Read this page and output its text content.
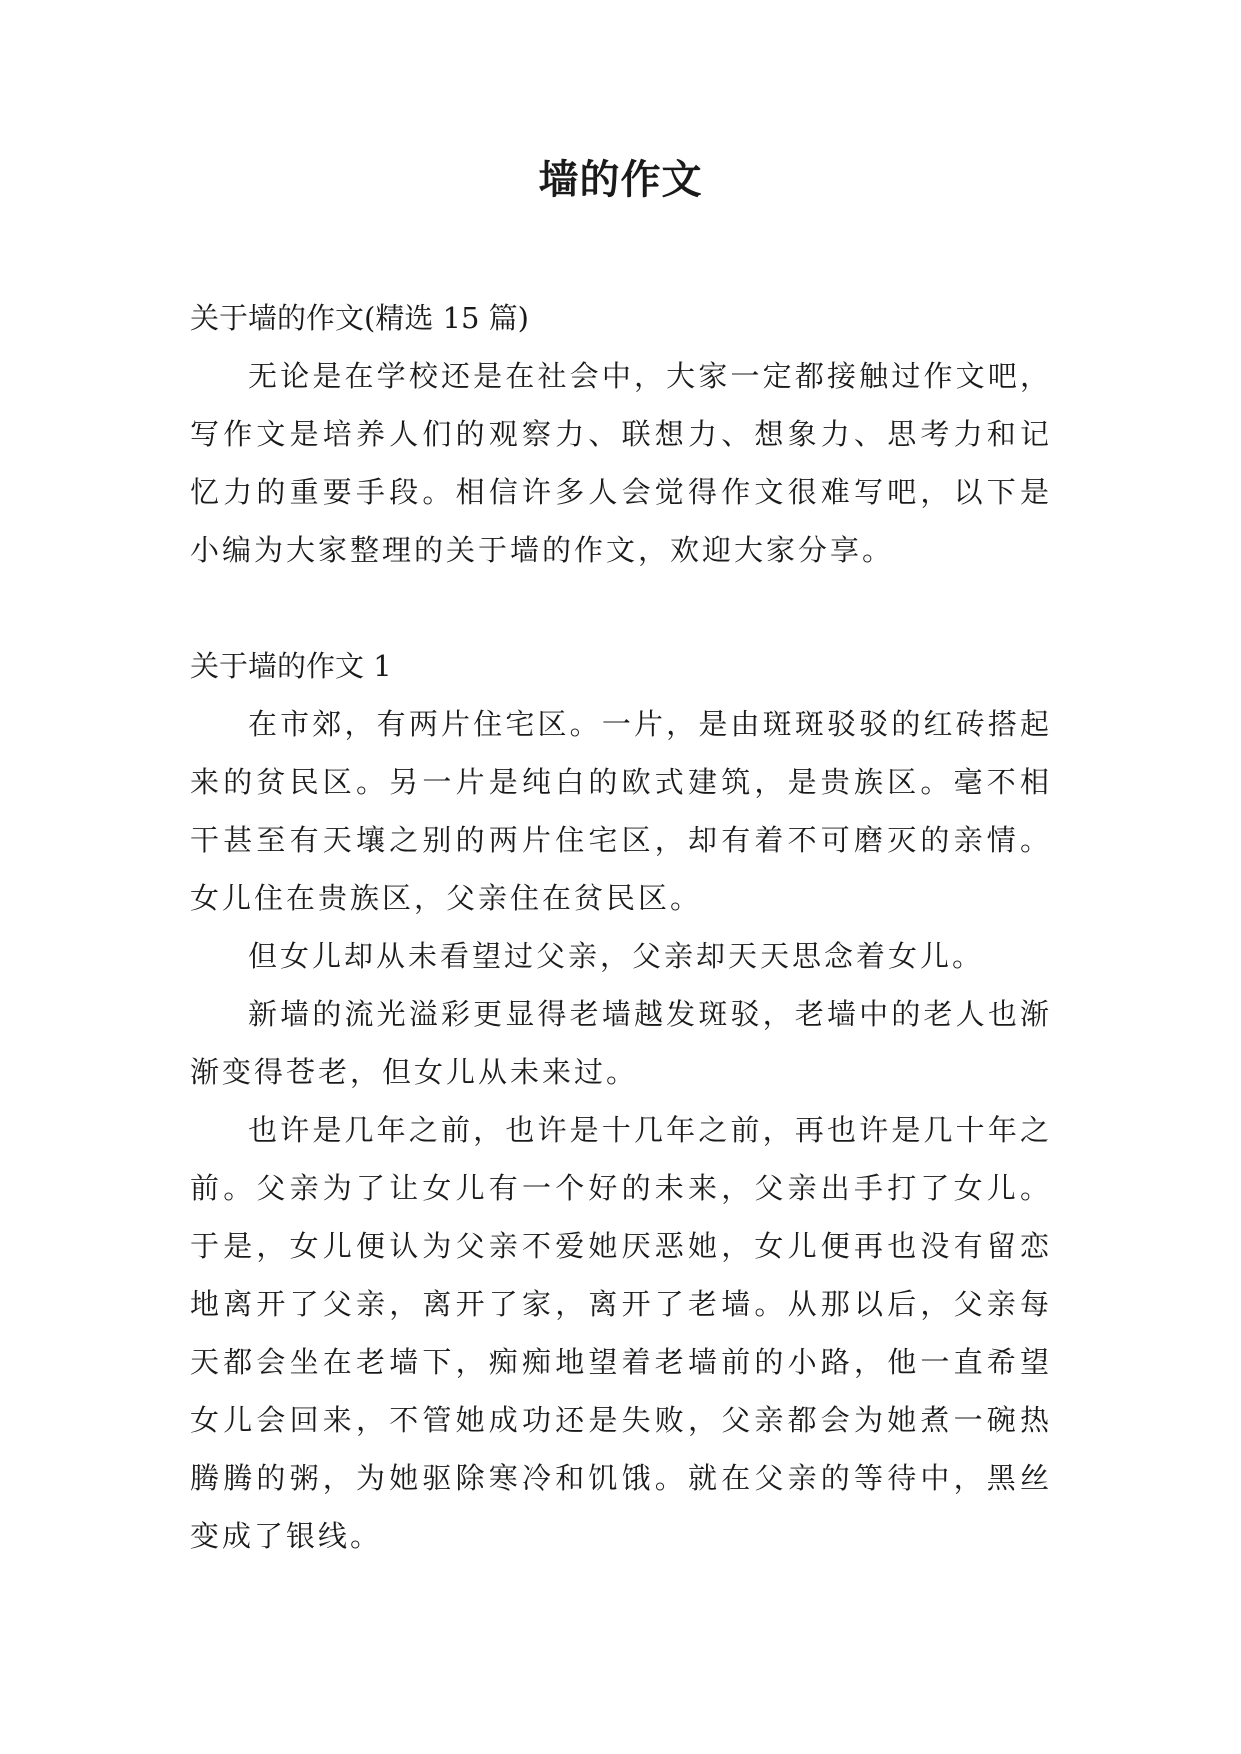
墙的作文

关于墙的作文(精选 15 篇)

无论是在学校还是在社会中，大家一定都接触过作文吧，写作文是培养人们的观察力、联想力、想象力、思考力和记忆力的重要手段。相信许多人会觉得作文很难写吧，以下是小编为大家整理的关于墙的作文，欢迎大家分享。

关于墙的作文 1

在市郊，有两片住宅区。一片，是由斑斑驳驳的红砖搭起来的贫民区。另一片是纯白的欧式建筑，是贵族区。毫不相干甚至有天壤之别的两片住宅区，却有着不可磨灭的亲情。女儿住在贵族区，父亲住在贫民区。

但女儿却从未看望过父亲，父亲却天天思念着女儿。

新墙的流光溢彩更显得老墙越发斑驳，老墙中的老人也渐渐变得苍老，但女儿从未来过。

也许是几年之前，也许是十几年之前，再也许是几十年之前。父亲为了让女儿有一个好的未来，父亲出手打了女儿。于是，女儿便认为父亲不爱她厌恶她，女儿便再也没有留恋地离开了父亲，离开了家，离开了老墙。从那以后，父亲每天都会坐在老墙下，痴痴地望着老墙前的小路，他一直希望女儿会回来，不管她成功还是失败，父亲都会为她煮一碗热腾腾的粥，为她驱除寒冷和饥饿。就在父亲的等待中，黑丝变成了银线。
